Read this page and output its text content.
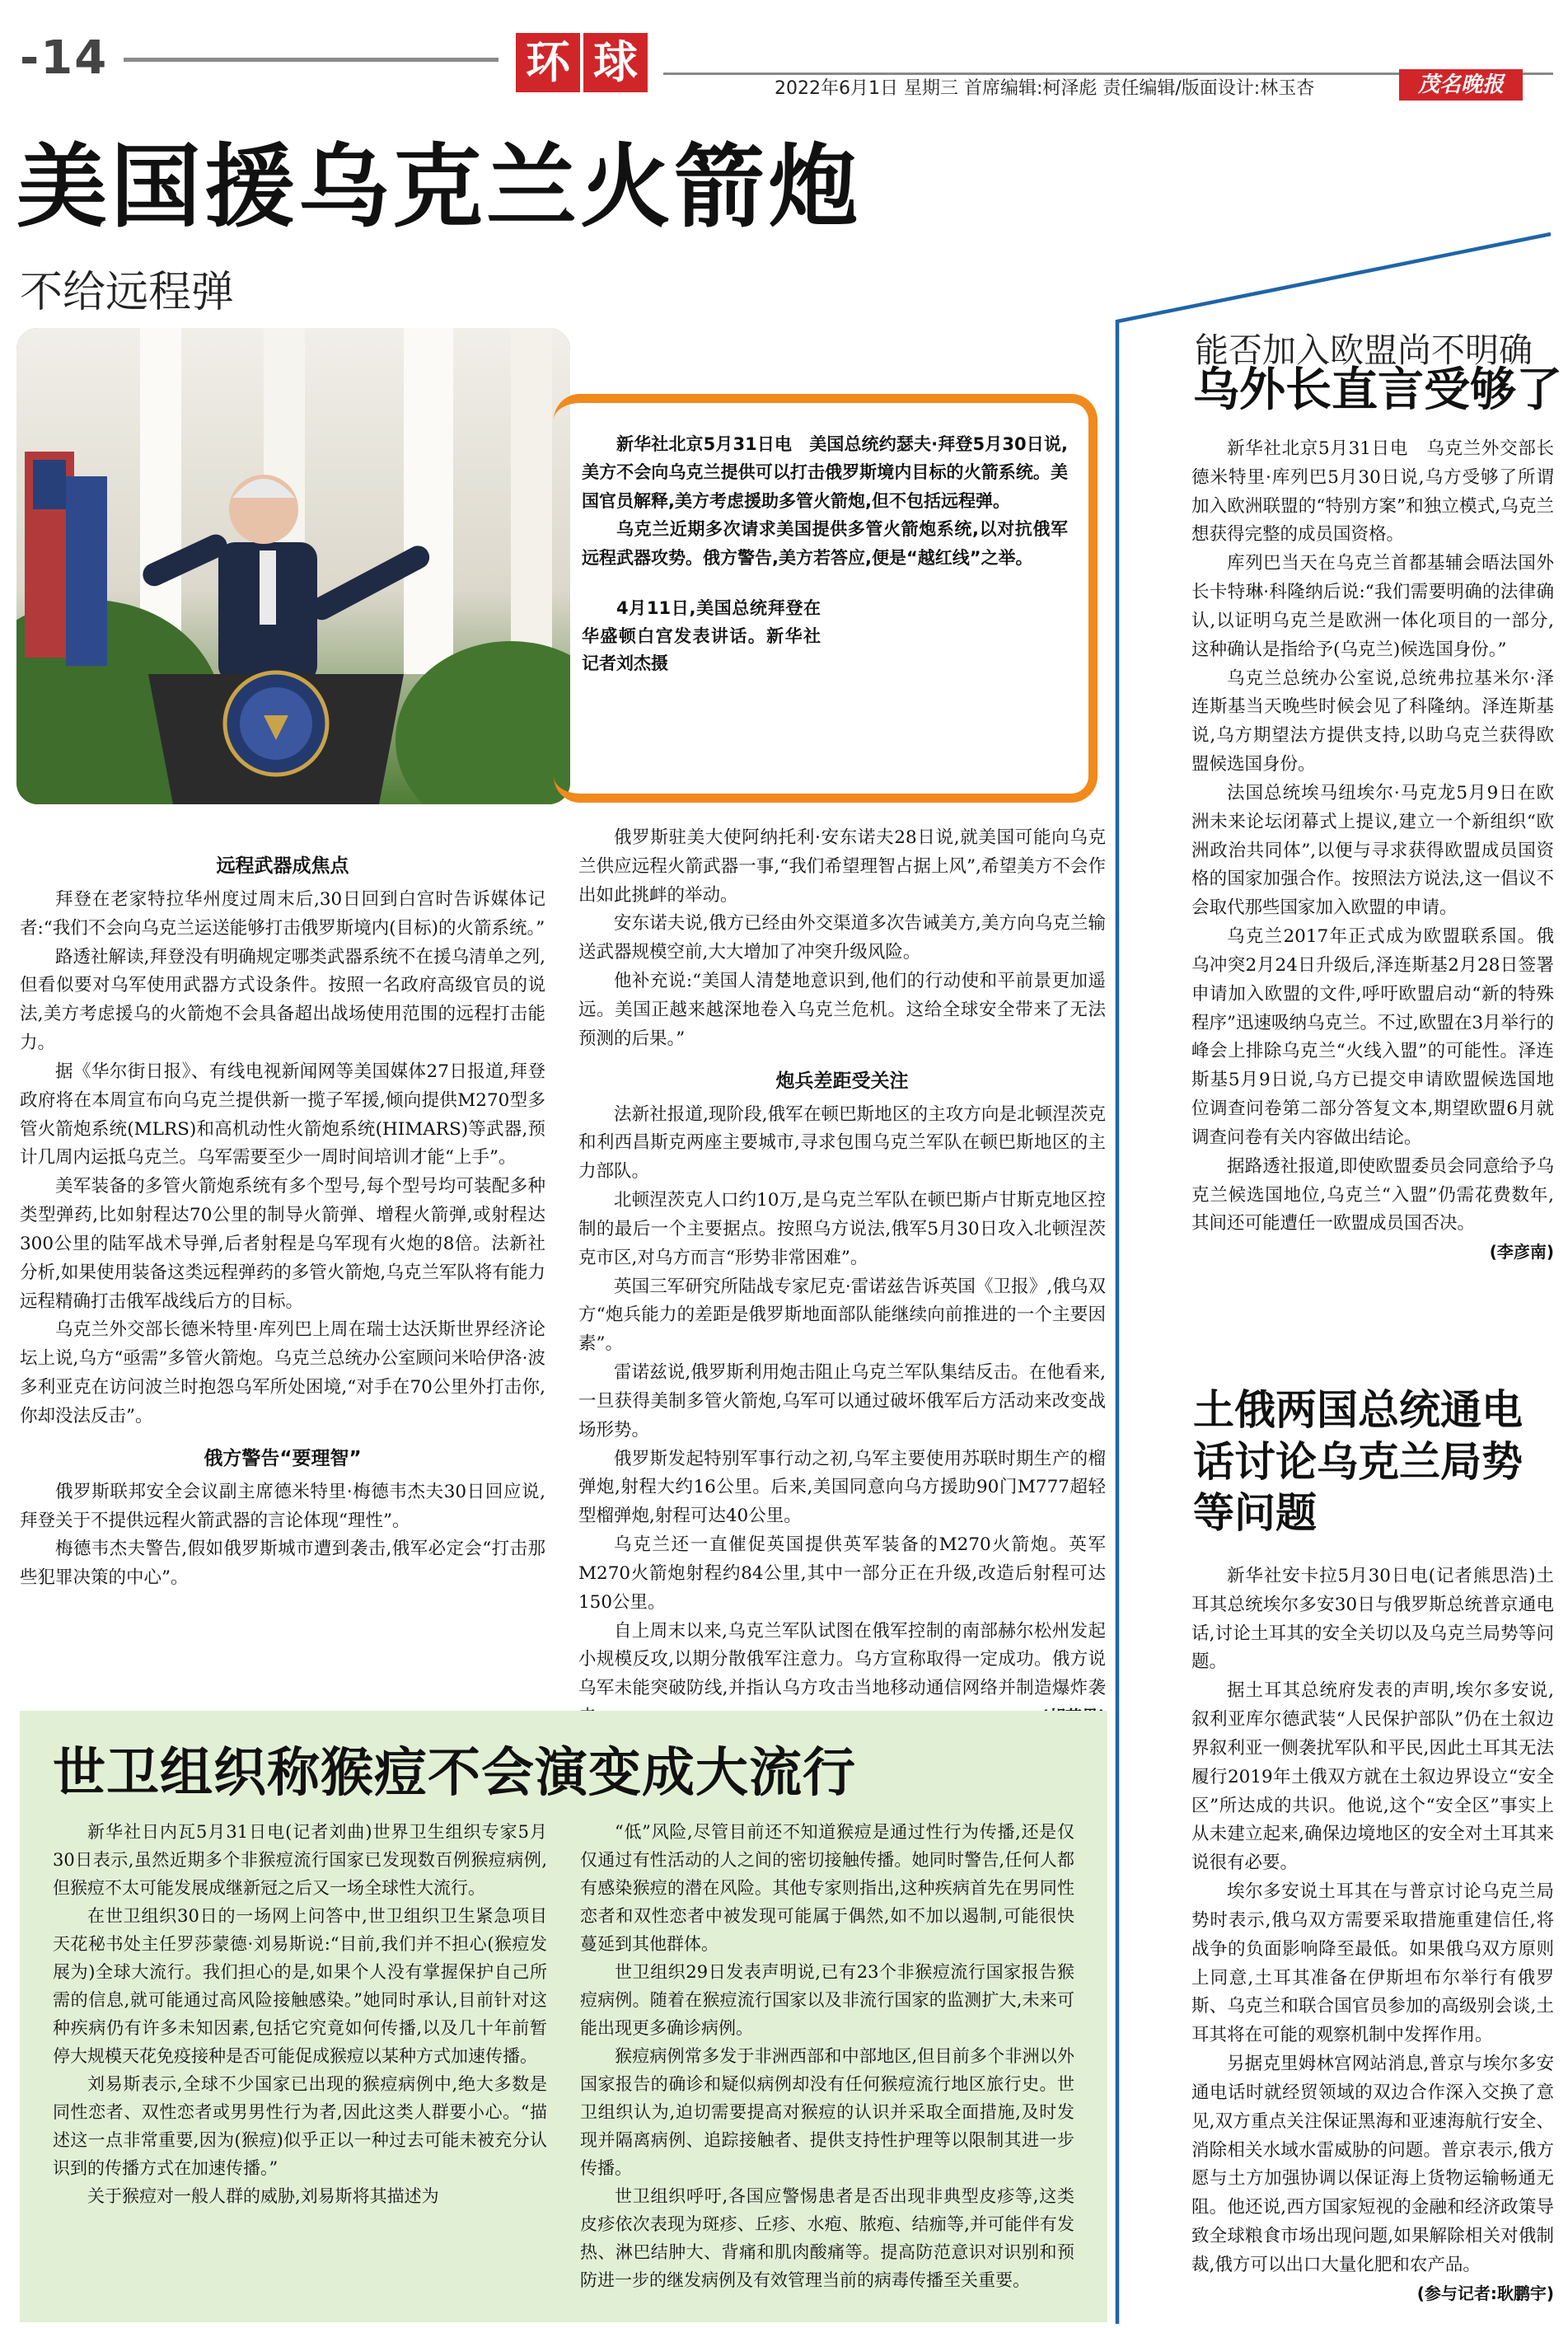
-14	环 球
2022年6月1日 星期三 首席编辑:柯泽彪 责任编辑/版面设计:林玉杏	茂名晚报
美国援乌克兰火箭炮
不给远程弹

新华社北京5月31日电　美国总统约瑟夫·拜登5月30日说,美方不会向乌克兰提供可以打击俄罗斯境内目标的火箭系统。美国官员解释,美方考虑援助多管火箭炮,但不包括远程弹。

乌克兰近期多次请求美国提供多管火箭炮系统,以对抗俄军远程武器攻势。俄方警告,美方若答应,便是“越红线”之举。

4月11日,美国总统拜登在华盛顿白宫发表讲话。新华社记者刘杰摄

远程武器成焦点

拜登在老家特拉华州度过周末后,30日回到白宫时告诉媒体记者:“我们不会向乌克兰运送能够打击俄罗斯境内(目标)的火箭系统。”

路透社解读,拜登没有明确规定哪类武器系统不在援乌清单之列,但看似要对乌军使用武器方式设条件。按照一名政府高级官员的说法,美方考虑援乌的火箭炮不会具备超出战场使用范围的远程打击能力。

据《华尔街日报》、有线电视新闻网等美国媒体27日报道,拜登政府将在本周宣布向乌克兰提供新一揽子军援,倾向提供M270型多管火箭炮系统(MLRS)和高机动性火箭炮系统(HIMARS)等武器,预计几周内运抵乌克兰。乌军需要至少一周时间培训才能“上手”。

美军装备的多管火箭炮系统有多个型号,每个型号均可装配多种类型弹药,比如射程达70公里的制导火箭弹、增程火箭弹,或射程达300公里的陆军战术导弹,后者射程是乌军现有火炮的8倍。法新社分析,如果使用装备这类远程弹药的多管火箭炮,乌克兰军队将有能力远程精确打击俄军战线后方的目标。

乌克兰外交部长德米特里·库列巴上周在瑞士达沃斯世界经济论坛上说,乌方“亟需”多管火箭炮。乌克兰总统办公室顾问米哈伊洛·波多利亚克在访问波兰时抱怨乌军所处困境,“对手在70公里外打击你,你却没法反击”。

俄方警告“要理智”

俄罗斯联邦安全会议副主席德米特里·梅德韦杰夫30日回应说,拜登关于不提供远程火箭武器的言论体现“理性”。

梅德韦杰夫警告,假如俄罗斯城市遭到袭击,俄军必定会“打击那些犯罪决策的中心”。

俄罗斯驻美大使阿纳托利·安东诺夫28日说,就美国可能向乌克兰供应远程火箭武器一事,“我们希望理智占据上风”,希望美方不会作出如此挑衅的举动。

安东诺夫说,俄方已经由外交渠道多次告诫美方,美方向乌克兰输送武器规模空前,大大增加了冲突升级风险。

他补充说:“美国人清楚地意识到,他们的行动使和平前景更加遥远。美国正越来越深地卷入乌克兰危机。这给全球安全带来了无法预测的后果。”

炮兵差距受关注

法新社报道,现阶段,俄军在顿巴斯地区的主攻方向是北顿涅茨克和利西昌斯克两座主要城市,寻求包围乌克兰军队在顿巴斯地区的主力部队。

北顿涅茨克人口约10万,是乌克兰军队在顿巴斯卢甘斯克地区控制的最后一个主要据点。按照乌方说法,俄军5月30日攻入北顿涅茨克市区,对乌方而言“形势非常困难”。

英国三军研究所陆战专家尼克·雷诺兹告诉英国《卫报》,俄乌双方“炮兵能力的差距是俄罗斯地面部队能继续向前推进的一个主要因素”。

雷诺兹说,俄罗斯利用炮击阻止乌克兰军队集结反击。在他看来,一旦获得美制多管火箭炮,乌军可以通过破坏俄军后方活动来改变战场形势。

俄罗斯发起特别军事行动之初,乌军主要使用苏联时期生产的榴弹炮,射程大约16公里。后来,美国同意向乌方援助90门M777超轻型榴弹炮,射程可达40公里。

乌克兰还一直催促英国提供英军装备的M270火箭炮。英军M270火箭炮射程约84公里,其中一部分正在升级,改造后射程可达150公里。

自上周末以来,乌克兰军队试图在俄军控制的南部赫尔松州发起小规模反攻,以期分散俄军注意力。乌方宣称取得一定成功。俄方说乌军未能突破防线,并指认乌方攻击当地移动通信网络并制造爆炸袭

能否加入欧盟尚不明确
乌外长直言受够了

新华社北京5月31日电　乌克兰外交部长德米特里·库列巴5月30日说,乌方受够了所谓加入欧洲联盟的“特别方案”和独立模式,乌克兰想获得完整的成员国资格。

库列巴当天在乌克兰首都基辅会晤法国外长卡特琳·科隆纳后说:“我们需要明确的法律确认,以证明乌克兰是欧洲一体化项目的一部分,这种确认是指给予(乌克兰)候选国身份。”

乌克兰总统办公室说,总统弗拉基米尔·泽连斯基当天晚些时候会见了科隆纳。泽连斯基说,乌方期望法方提供支持,以助乌克兰获得欧盟候选国身份。

法国总统埃马纽埃尔·马克龙5月9日在欧洲未来论坛闭幕式上提议,建立一个新组织“欧洲政治共同体”,以便与寻求获得欧盟成员国资格的国家加强合作。按照法方说法,这一倡议不会取代那些国家加入欧盟的申请。

乌克兰2017年正式成为欧盟联系国。俄乌冲突2月24日升级后,泽连斯基2月28日签署申请加入欧盟的文件,呼吁欧盟启动“新的特殊程序”迅速吸纳乌克兰。不过,欧盟在3月举行的峰会上排除乌克兰“火线入盟”的可能性。泽连斯基5月9日说,乌方已提交申请欧盟候选国地位调查问卷第二部分答复文本,期望欧盟6月就调查问卷有关内容做出结论。

据路透社报道,即使欧盟委员会同意给予乌克兰候选国地位,乌克兰“入盟”仍需花费数年,其间还可能遭任一欧盟成员国否决。
(李彦南)

土俄两国总统通电话讨论乌克兰局势等问题

新华社安卡拉5月30日电(记者熊思浩)土耳其总统埃尔多安30日与俄罗斯总统普京通电话,讨论土耳其的安全关切以及乌克兰局势等问题。

据土耳其总统府发表的声明,埃尔多安说,叙利亚库尔德武装“人民保护部队”仍在土叙边界叙利亚一侧袭扰军队和平民,因此土耳其无法履行2019年土俄双方就在土叙边界设立“安全区”所达成的共识。他说,这个“安全区”事实上从未建立起来,确保边境地区的安全对土耳其来说很有必要。

埃尔多安说土耳其在与普京讨论乌克兰局势时表示,俄乌双方需要采取措施重建信任,将战争的负面影响降至最低。如果俄乌双方原则上同意,土耳其准备在伊斯坦布尔举行有俄罗斯、乌克兰和联合国官员参加的高级别会谈,土耳其将在可能的观察机制中发挥作用。

另据克里姆林宫网站消息,普京与埃尔多安通电话时就经贸领域的双边合作深入交换了意见,双方重点关注保证黑海和亚速海航行安全、消除相关水域水雷威胁的问题。普京表示,俄方愿与土方加强协调以保证海上货物运输畅通无阻。他还说,西方国家短视的金融和经济政策导致全球粮食市场出现问题,如果解除相关对俄制裁,俄方可以出口大量化肥和农产品。
(参与记者:耿鹏宇)

世卫组织称猴痘不会演变成大流行

新华社日内瓦5月31日电(记者刘曲)世界卫生组织专家5月30日表示,虽然近期多个非猴痘流行国家已发现数百例猴痘病例,但猴痘不太可能发展成继新冠之后又一场全球性大流行。

在世卫组织30日的一场网上问答中,世卫组织卫生紧急项目天花秘书处主任罗莎蒙德·刘易斯说:“目前,我们并不担心(猴痘发展为)全球大流行。我们担心的是,如果个人没有掌握保护自己所需的信息,就可能通过高风险接触感染。”她同时承认,目前针对这种疾病仍有许多未知因素,包括它究竟如何传播,以及几十年前暂停大规模天花免疫接种是否可能促成猴痘以某种方式加速传播。

刘易斯表示,全球不少国家已出现的猴痘病例中,绝大多数是同性恋者、双性恋者或男男性行为者,因此这类人群要小心。“描述这一点非常重要,因为(猴痘)似乎正以一种过去可能未被充分认识到的传播方式在加速传播。”

关于猴痘对一般人群的威胁,刘易斯将其描述为

“低”风险,尽管目前还不知道猴痘是通过性行为传播,还是仅仅通过有性活动的人之间的密切接触传播。她同时警告,任何人都有感染猴痘的潜在风险。其他专家则指出,这种疾病首先在男同性恋者和双性恋者中被发现可能属于偶然,如不加以遏制,可能很快蔓延到其他群体。

世卫组织29日发表声明说,已有23个非猴痘流行国家报告猴痘病例。随着在猴痘流行国家以及非流行国家的监测扩大,未来可能出现更多确诊病例。

猴痘病例常多发于非洲西部和中部地区,但目前多个非洲以外国家报告的确诊和疑似病例却没有任何猴痘流行地区旅行史。世卫组织认为,迫切需要提高对猴痘的认识并采取全面措施,及时发现并隔离病例、追踪接触者、提供支持性护理等以限制其进一步传播。

世卫组织呼吁,各国应警惕患者是否出现非典型皮疹等,这类皮疹依次表现为斑疹、丘疹、水疱、脓疱、结痂等,并可能伴有发热、淋巴结肿大、背痛和肌肉酸痛等。提高防范意识对识别和预防进一步的继发病例及有效管理当前的病毒传播至关重要。
